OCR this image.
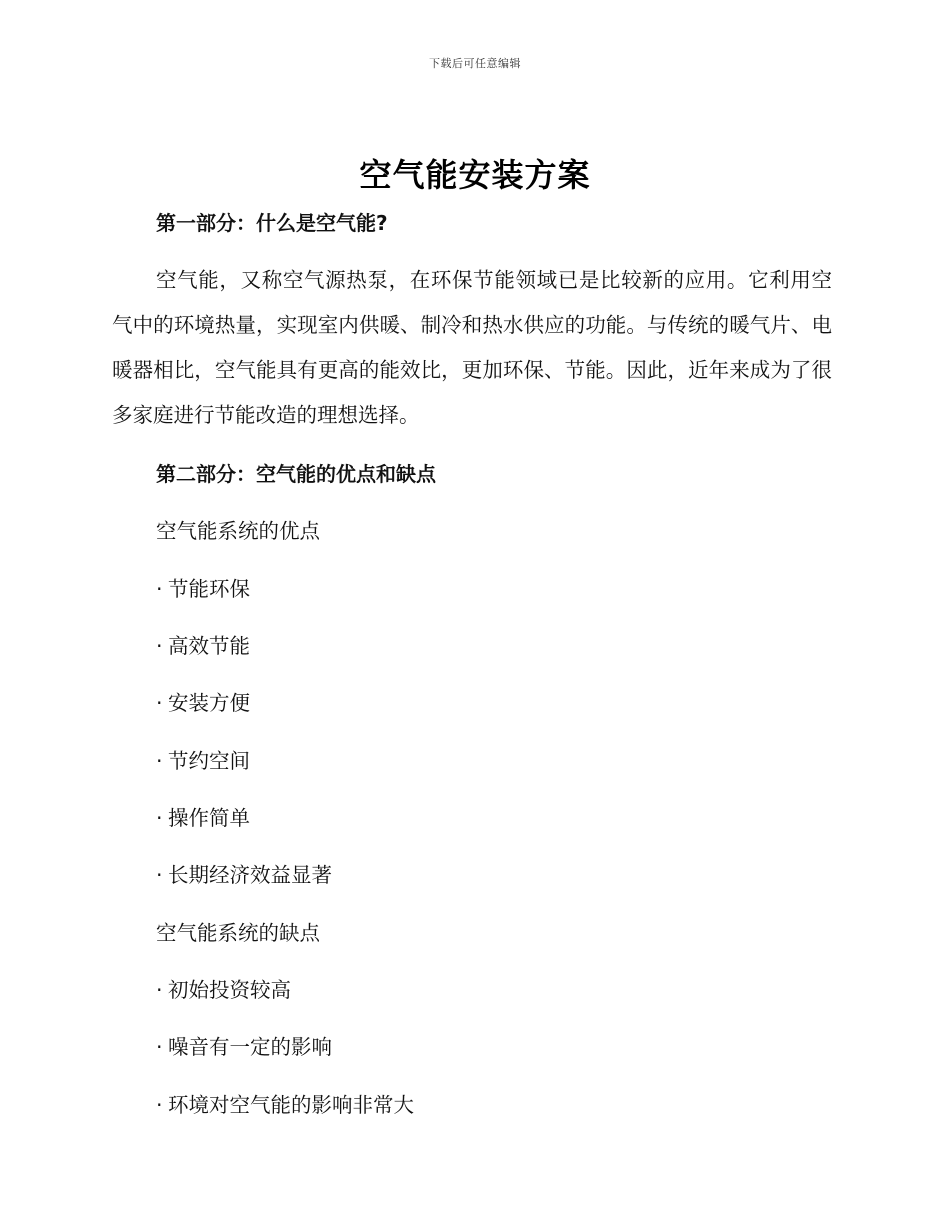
下载后可任意编辑
空气能安装方案
第一部分：什么是空气能?
空气能，又称空气源热泵，在环保节能领域已是比较新的应用。它利用空气中的环境热量，实现室内供暖、制冷和热水供应的功能。与传统的暖气片、电暖器相比，空气能具有更高的能效比，更加环保、节能。因此，近年来成为了很多家庭进行节能改造的理想选择。
第二部分：空气能的优点和缺点
空气能系统的优点
· 节能环保
· 高效节能
· 安装方便
· 节约空间
· 操作简单
· 长期经济效益显著
空气能系统的缺点
· 初始投资较高
· 噪音有一定的影响
· 环境对空气能的影响非常大
